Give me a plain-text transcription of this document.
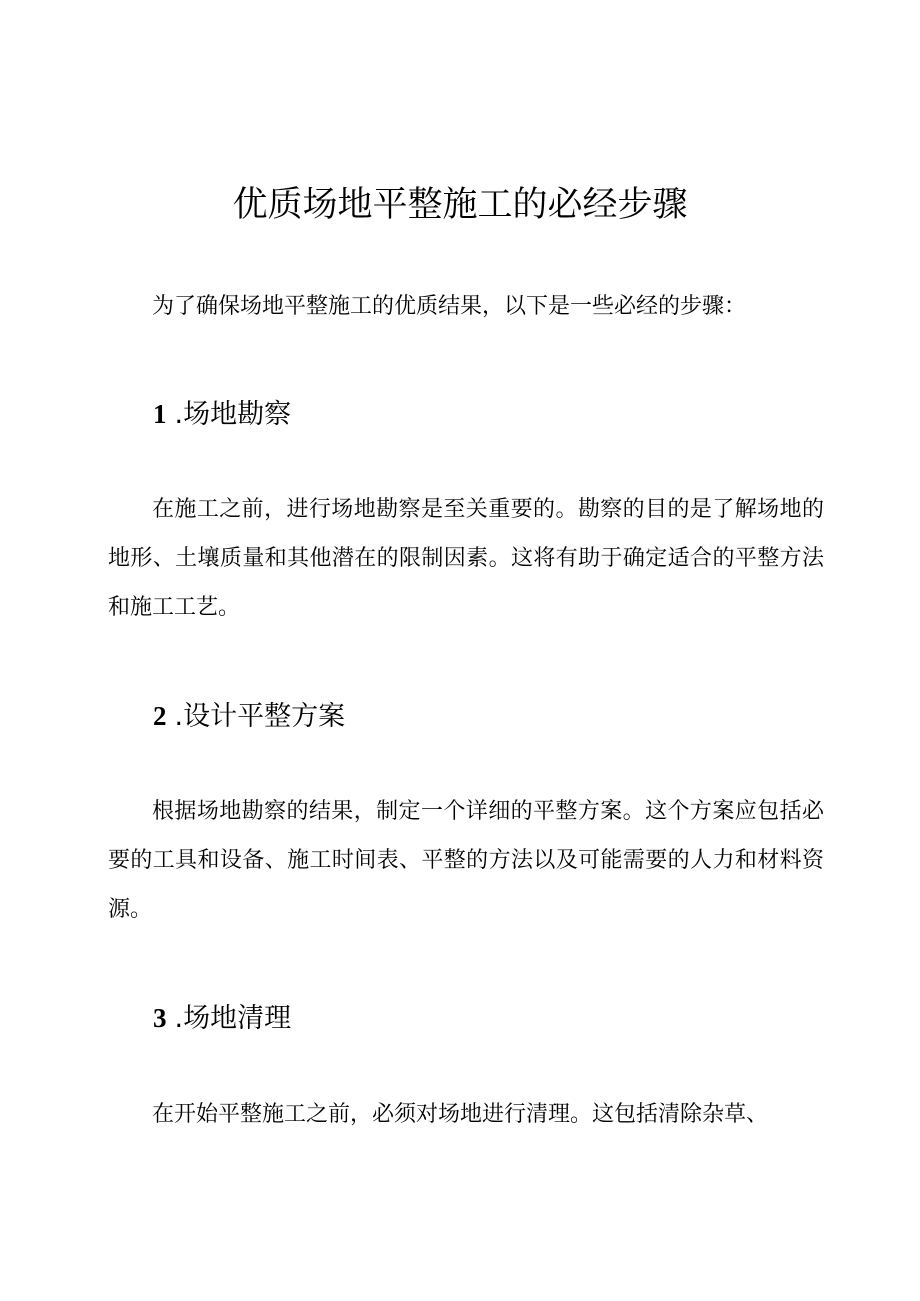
优质场地平整施工的必经步骤

为了确保场地平整施工的优质结果，以下是一些必经的步骤：

1 .场地勘察

在施工之前，进行场地勘察是至关重要的。勘察的目的是了解场地的地形、土壤质量和其他潜在的限制因素。这将有助于确定适合的平整方法和施工工艺。

2 .设计平整方案

根据场地勘察的结果，制定一个详细的平整方案。这个方案应包括必要的工具和设备、施工时间表、平整的方法以及可能需要的人力和材料资源。

3 .场地清理

在开始平整施工之前，必须对场地进行清理。这包括清除杂草、
